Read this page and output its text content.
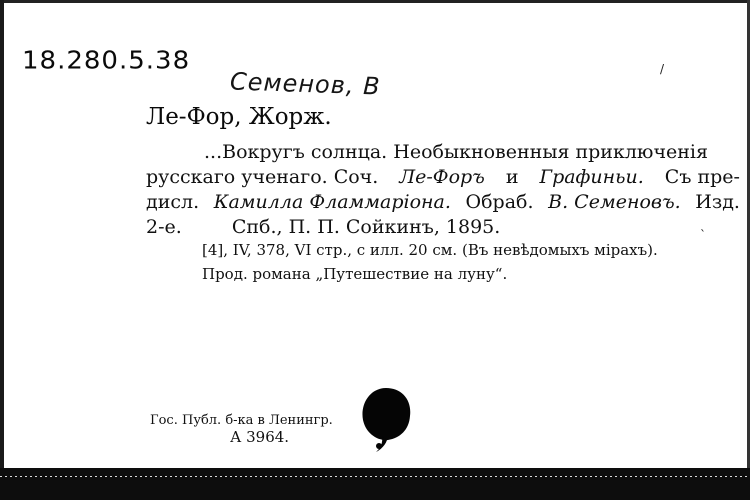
18.280.5.38
Семенов, В
Ле-Фор, Жорж.
...Вокругъ солнца. Необыкновенныя приключенія
русскаго ученаго. Соч. Ле-Форъ и Графиньи. Съ пре-
дисл. Камилла Фламмаріона. Обраб. В. Семеновъ. Изд.
2-е.	Спб., П. П. Сойкинъ, 1895.
[4], IV, 378, VI стр., с илл. 20 см. (Въ невѣдомыхъ мірахъ).
Прод. романа „Путешествие на луну“.
Гос. Публ. б-ка в Ленингр.
А 3964.
/
`
